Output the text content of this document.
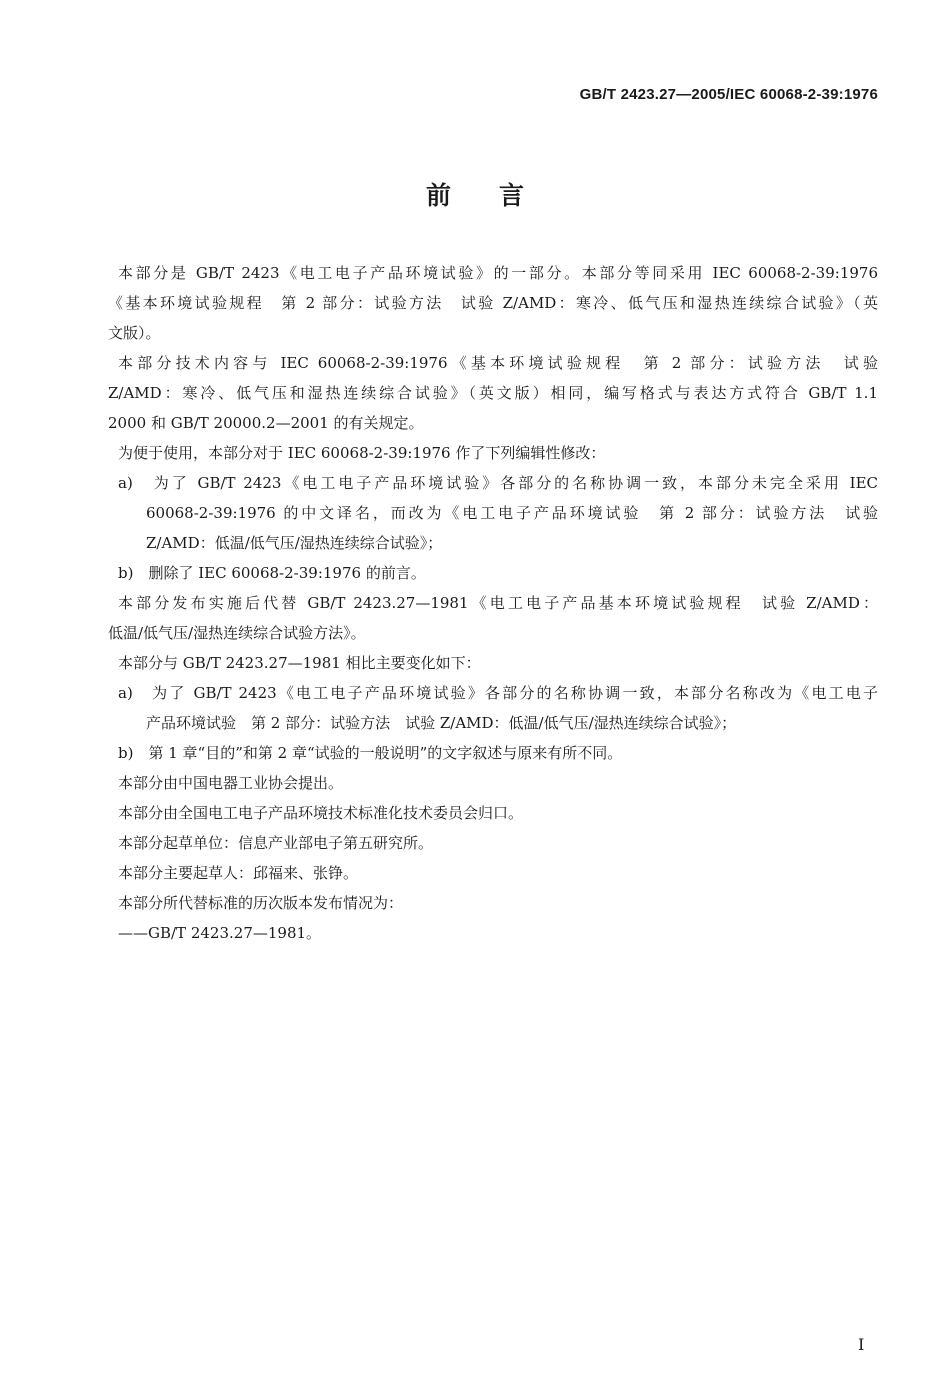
GB/T 2423.27—2005/IEC 60068-2-39:1976
前言
本部分是 GB/T 2423《电工电子产品环境试验》的一部分。本部分等同采用 IEC 60068-2-39:1976
《基本环境试验规程　第 2 部分：试验方法　试验 Z/AMD：寒冷、低气压和湿热连续综合试验》（英
文版）。
本部分技术内容与 IEC 60068-2-39:1976《基本环境试验规程　第 2 部分：试验方法　试验
Z/AMD：寒冷、低气压和湿热连续综合试验》（英文版）相同，编写格式与表达方式符合 GB/T 1.1
2000 和 GB/T 20000.2—2001 的有关规定。
为便于使用，本部分对于 IEC 60068-2-39:1976 作了下列编辑性修改：
a)　为了 GB/T 2423《电工电子产品环境试验》各部分的名称协调一致，本部分未完全采用 IEC
60068-2-39:1976 的中文译名，而改为《电工电子产品环境试验　第 2 部分：试验方法　试验
Z/AMD：低温/低气压/湿热连续综合试验》；
b)　删除了 IEC 60068-2-39:1976 的前言。
本部分发布实施后代替 GB/T 2423.27—1981《电工电子产品基本环境试验规程　试验 Z/AMD：
低温/低气压/湿热连续综合试验方法》。
本部分与 GB/T 2423.27—1981 相比主要变化如下：
a)　为了 GB/T 2423《电工电子产品环境试验》各部分的名称协调一致，本部分名称改为《电工电子
产品环境试验　第 2 部分：试验方法　试验 Z/AMD：低温/低气压/湿热连续综合试验》；
b)　第 1 章“目的”和第 2 章“试验的一般说明”的文字叙述与原来有所不同。
本部分由中国电器工业协会提出。
本部分由全国电工电子产品环境技术标准化技术委员会归口。
本部分起草单位：信息产业部电子第五研究所。
本部分主要起草人：邱福来、张铮。
本部分所代替标准的历次版本发布情况为：
——GB/T 2423.27—1981。
I
